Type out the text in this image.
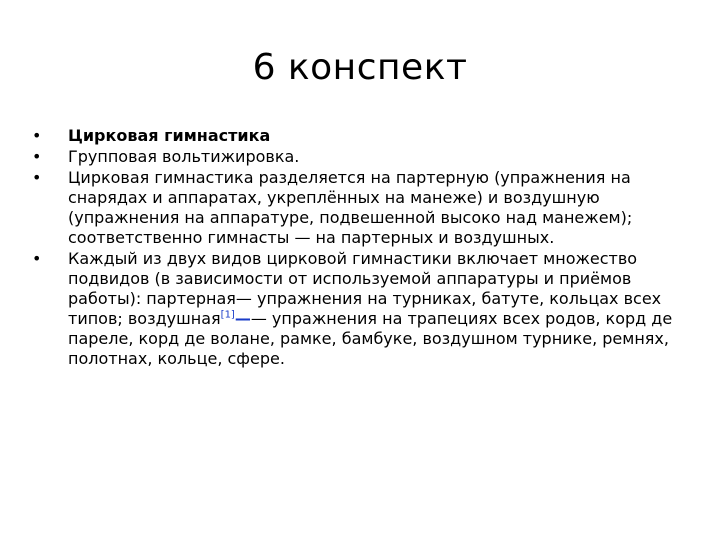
6 конспект
•	Цирковая гимнастика
•	Групповая вольтижировка.
•	Цирковая гимнастика разделяется на партерную (упражнения на снарядах и аппаратах, укреплённых на манеже) и воздушную (упражнения на аппаратуре, подвешенной высоко над манежем); соответственно гимнасты — на партерных и воздушных.
•	Каждый из двух видов цирковой гимнастики включает множество подвидов (в зависимости от используемой аппаратуры и приёмов работы): партерная— упражнения на турниках, батуте, кольцах всех типов; воздушная[1]—— упражнения на трапециях всех родов, корд де пареле, корд де волане, рамке, бамбуке, воздушном турнике, ремнях, полотнах, кольце, сфере.
